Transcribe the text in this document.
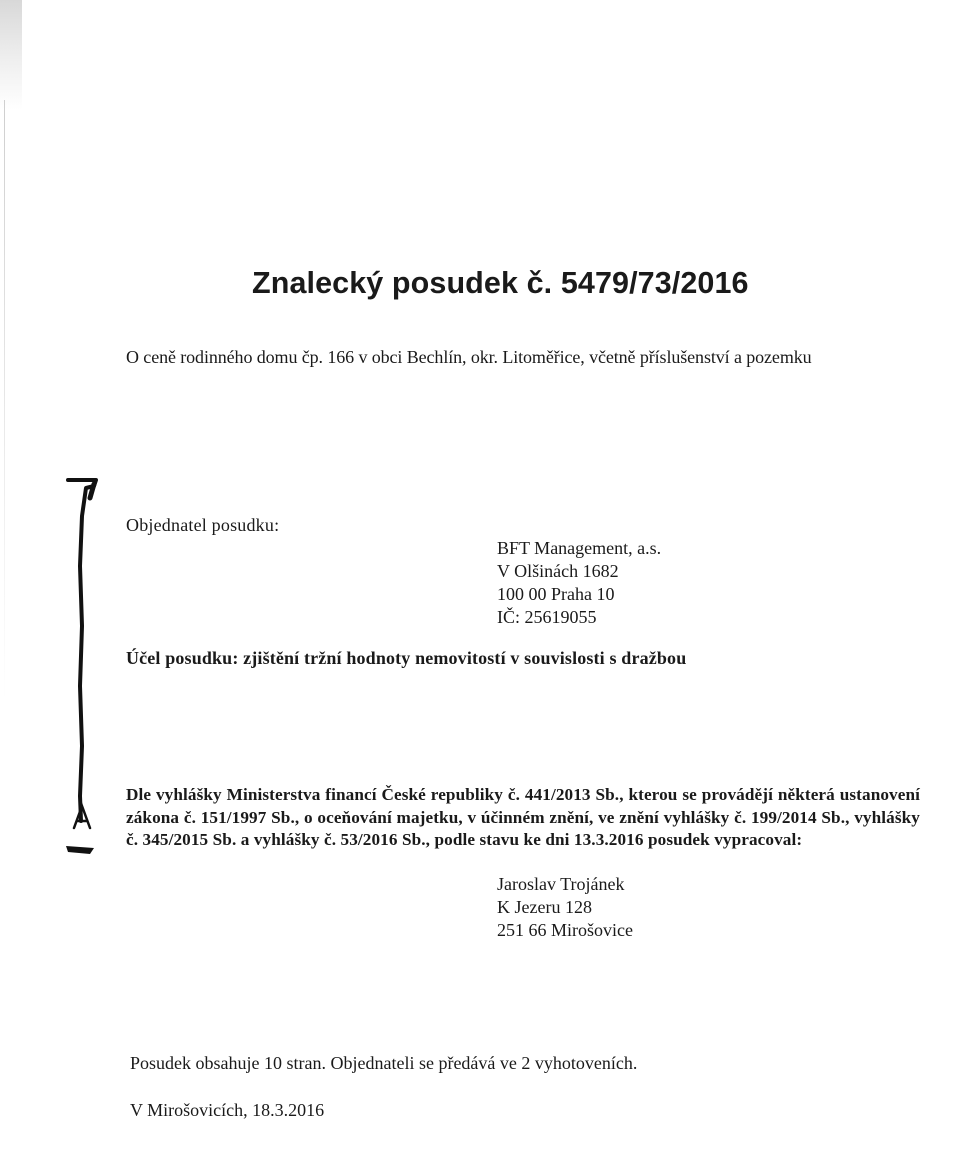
Znalecký posudek č. 5479/73/2016
O ceně rodinného domu čp. 166 v obci Bechlín, okr. Litoměřice, včetně příslušenství a pozemku
Objednatel posudku:
BFT Management, a.s.
V Olšinách 1682
100 00 Praha 10
IČ: 25619055
Účel posudku: zjištění tržní hodnoty nemovitostí v souvislosti s dražbou

Dle vyhlášky Ministerstva financí České republiky č. 441/2013 Sb., kterou se provádějí některá ustanovení zákona č. 151/1997 Sb., o oceňování majetku, v účinném znění, ve znění vyhlášky č. 199/2014 Sb., vyhlášky č. 345/2015 Sb. a vyhlášky č. 53/2016 Sb., podle stavu ke dni 13.3.2016 posudek vypracoval:

Jaroslav Trojánek
K Jezeru 128
251 66 Mirošovice
Posudek obsahuje 10 stran. Objednateli se předává ve 2 vyhotoveních.
V Mirošovicích, 18.3.2016
